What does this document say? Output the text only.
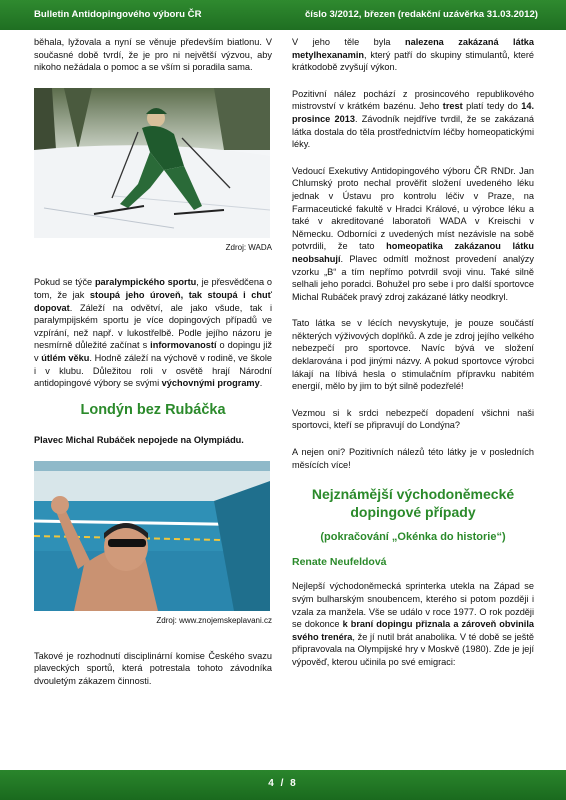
Bulletin Antidopingového výboru ČR	číslo 3/2012, březen (redakční uzávěrka 31.03.2012)

běhala, lyžovala a nyní se věnuje především biatlonu. V současné době tvrdí, že je pro ni největší výzvou, aby nikoho nežádala o pomoc a se vším si poradila sama.

Zdroj: WADA

Pokud se týče paralympického sportu, je přesvědčena o tom, že jak stoupá jeho úroveň, tak stoupá i chuť dopovat. Záleží na odvětví, ale jako všude, tak i paralympijském sportu je více dopingových případů ve vzpírání, než např. v lukostřelbě. Podle jejího názoru je nesmírně důležité začínat s informovaností o dopingu již v útlém věku. Hodně záleží na výchově v rodině, ve škole i v klubu. Důležitou roli v osvětě hrají Národní antidopingové výbory se svými výchovnými programy.

Londýn bez Rubáčka

Plavec Michal Rubáček nepojede na Olympiádu.

Zdroj: www.znojemskeplavani.cz

Takové je rozhodnutí disciplinární komise Českého svazu plaveckých sportů, která potrestala tohoto závodníka dvouletým zákazem činnosti.

V jeho těle byla nalezena zakázaná látka metylhexanamin, který patří do skupiny stimulantů, které krátkodobě zvyšují výkon.

Pozitivní nález pochází z prosincového republikového mistrovství v krátkém bazénu. Jeho trest platí tedy do 14. prosince 2013. Závodník nejdříve tvrdil, že se zakázaná látka dostala do těla prostřednictvím léčby homeopatickými léky.

Vedoucí Exekutivy Antidopingového výboru ČR RNDr. Jan Chlumský proto nechal prověřit složení uvedeného léku jednak v Ústavu pro kontrolu léčiv v Praze, na Farmaceutické fakultě v Hradci Králové, u výrobce léku a také v akreditované laboratoři WADA v Kreischi v Německu. Odborníci z uvedených míst nezávisle na sobě potvrdili, že tato homeopatika zakázanou látku neobsahují. Plavec odmítl možnost provedení analýzy vzorku „B“ a tím nepřímo potvrdil svoji vinu. Také silně selhali jeho poradci. Bohužel pro sebe i pro další sportovce Michal Rubáček pravý zdroj zakázané látky neodkryl.

Tato látka se v lécích nevyskytuje, je pouze součástí některých výživových doplňků. A zde je zdroj jejího velkého nebezpečí pro sportovce. Navíc bývá ve složení deklarována i pod jinými názvy. A pokud sportovce výrobci lákají na líbivá hesla o stimulačním přípravku nabitém energií, mělo by jim to být silně podezřelé!

Vezmou si k srdci nebezpečí dopadení všichni naši sportovci, kteří se připravují do Londýna?

A nejen oni? Pozitivních nálezů této látky je v posledních měsících více!

Nejznámější východoněmecké dopingové případy
(pokračování „Okénka do historie“)
Renate Neufeldová

Nejlepší východoněmecká sprinterka utekla na Západ se svým bulharským snoubencem, kterého si potom později i vzala za manžela. Vše se událo v roce 1977. O rok později se dokonce k braní dopingu přiznala a zároveň obvinila svého trenéra, že jí nutil brát anabolika. V té době se ještě připravovala na Olympijské hry v Moskvě (1980). Zde je její výpověď, kterou učinila po své emigraci:

4 / 8
